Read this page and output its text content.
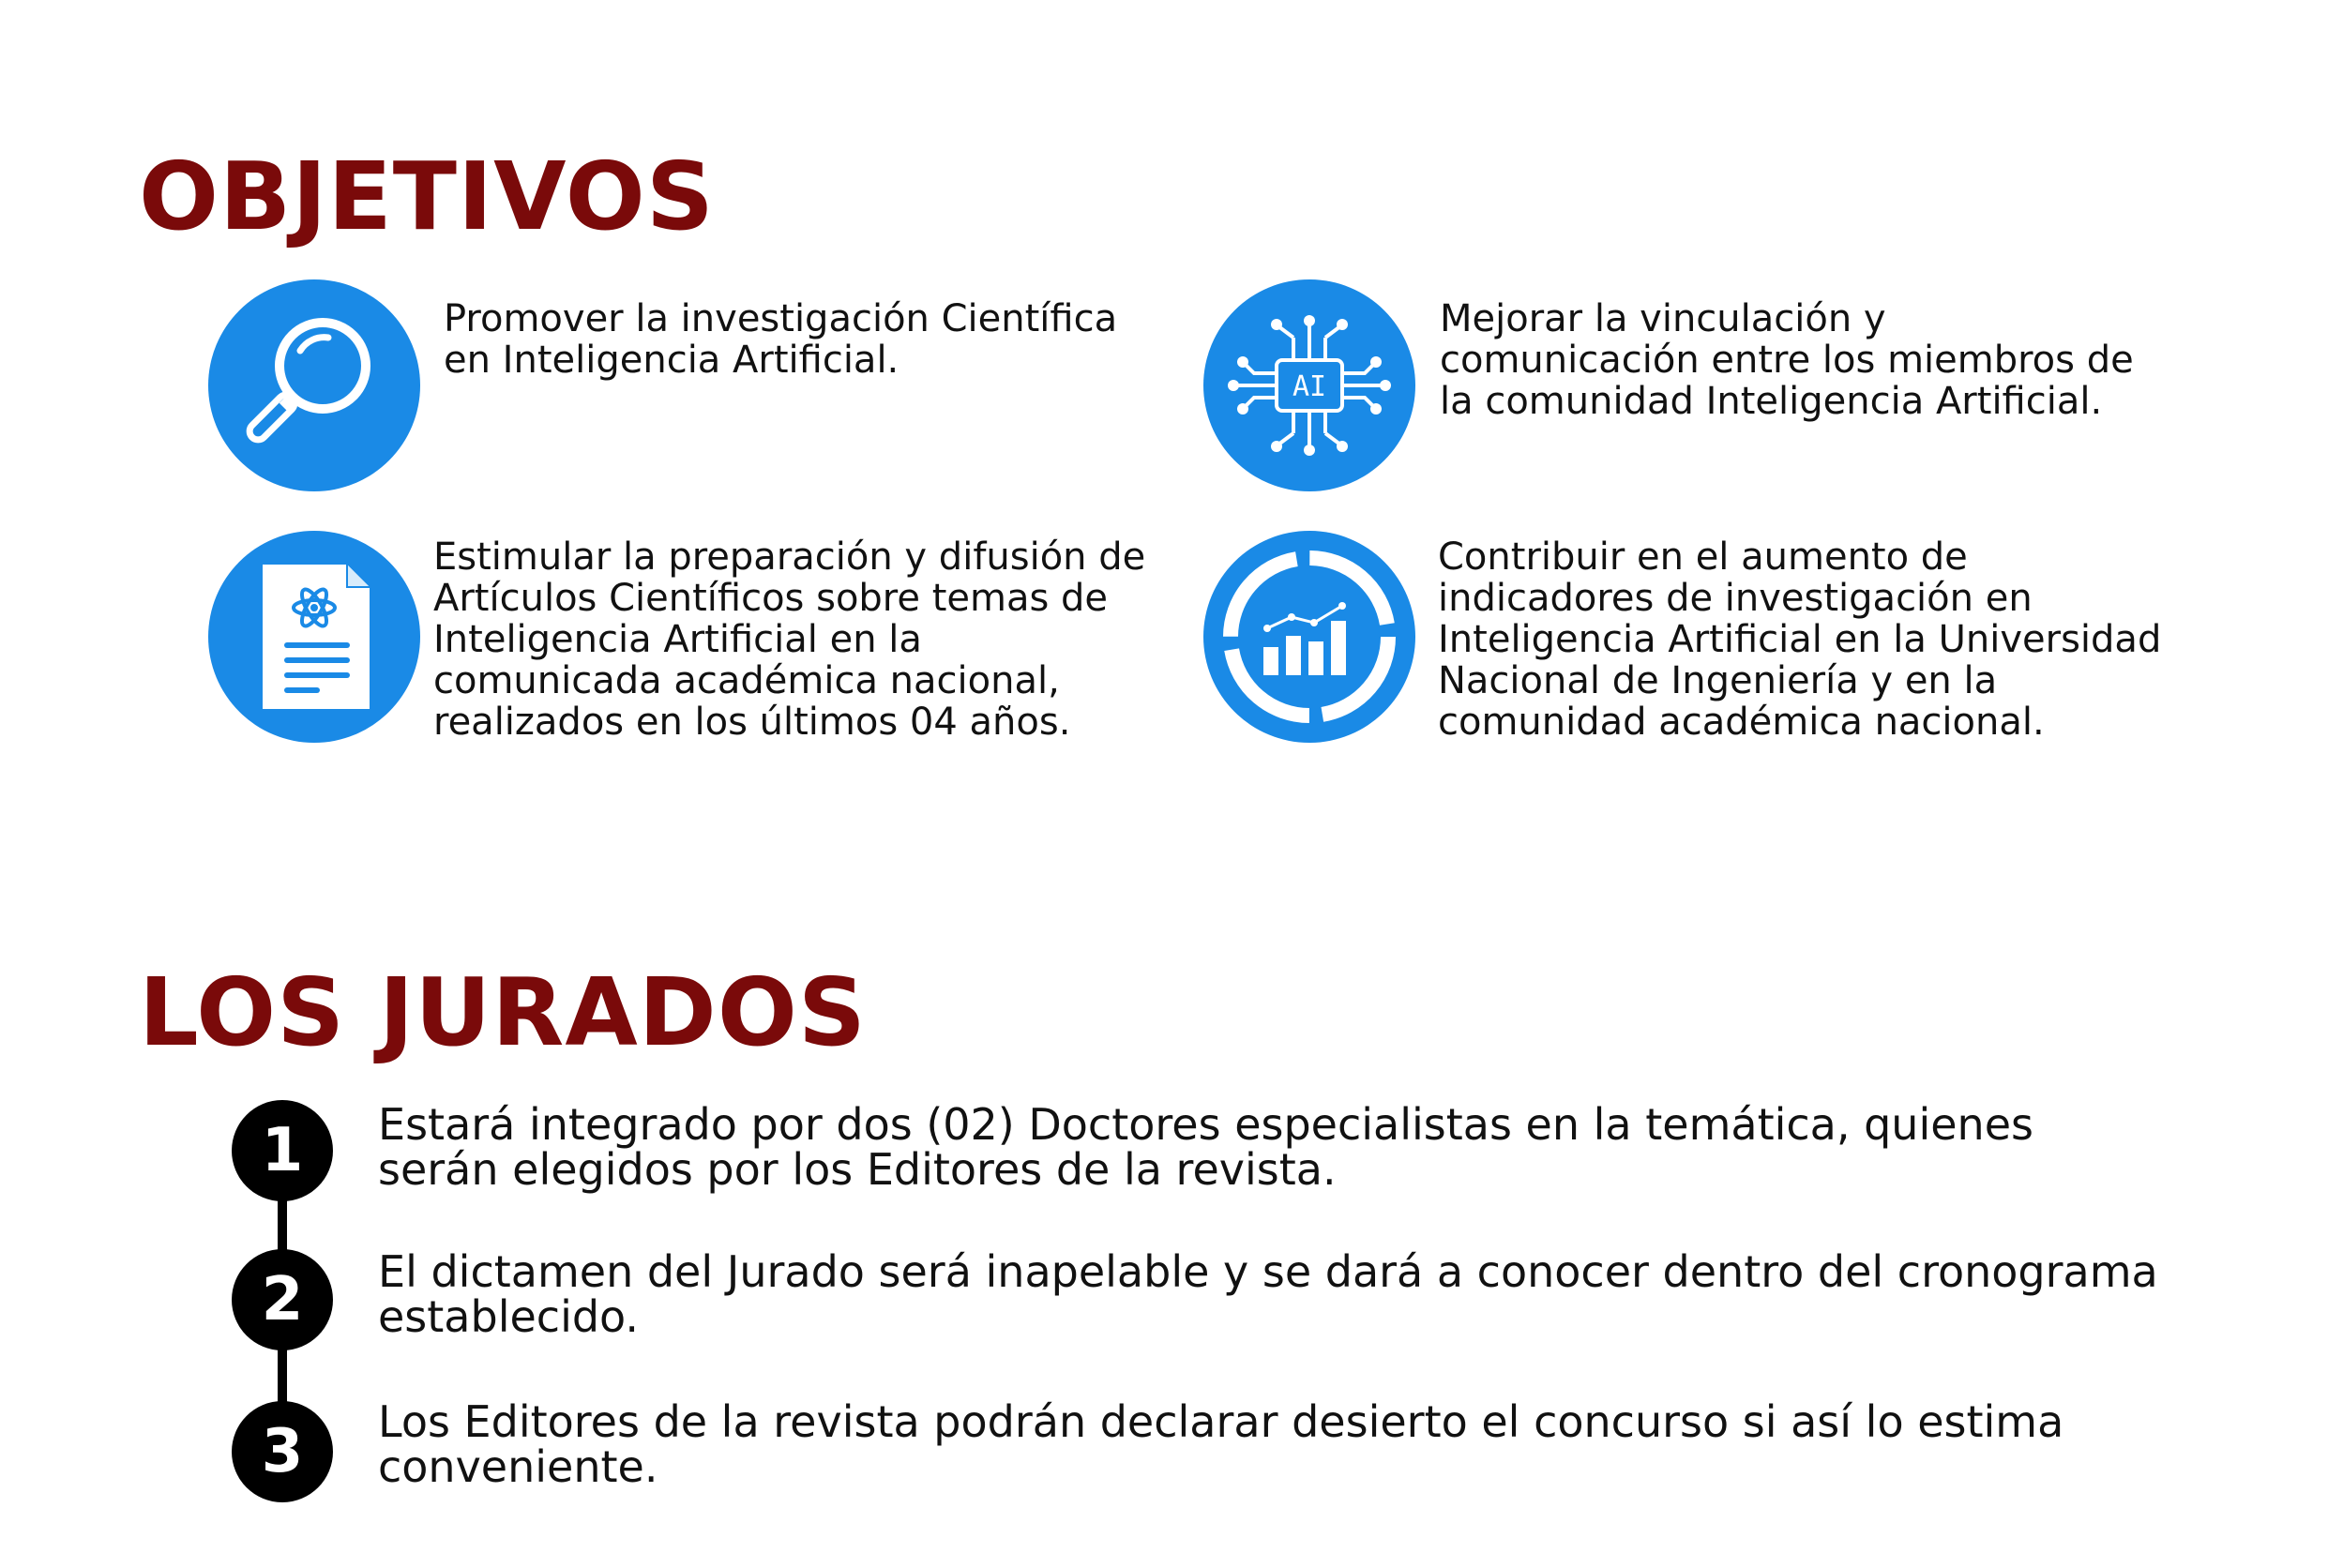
OBJETIVOS

Promover la investigación Científica en Inteligencia Artificial.

AI

Mejorar la vinculación y comunicación entre los miembros de la comunidad Inteligencia Artificial.

Estimular la preparación y difusión de Artículos Científicos sobre temas de Inteligencia Artificial en la comunicada académica nacional, realizados en los últimos 04 años.

Contribuir en el aumento de indicadores de investigación en Inteligencia Artificial en la Universidad Nacional de Ingeniería y en la comunidad académica nacional.

LOS JURADOS
1 Estará integrado por dos (02) Doctores especialistas en la temática, quienes serán elegidos por los Editores de la revista.

2 El dictamen del Jurado será inapelable y se dará a conocer dentro del cronograma establecido.

3 Los Editores de la revista podrán declarar desierto el concurso si así lo estima conveniente.
